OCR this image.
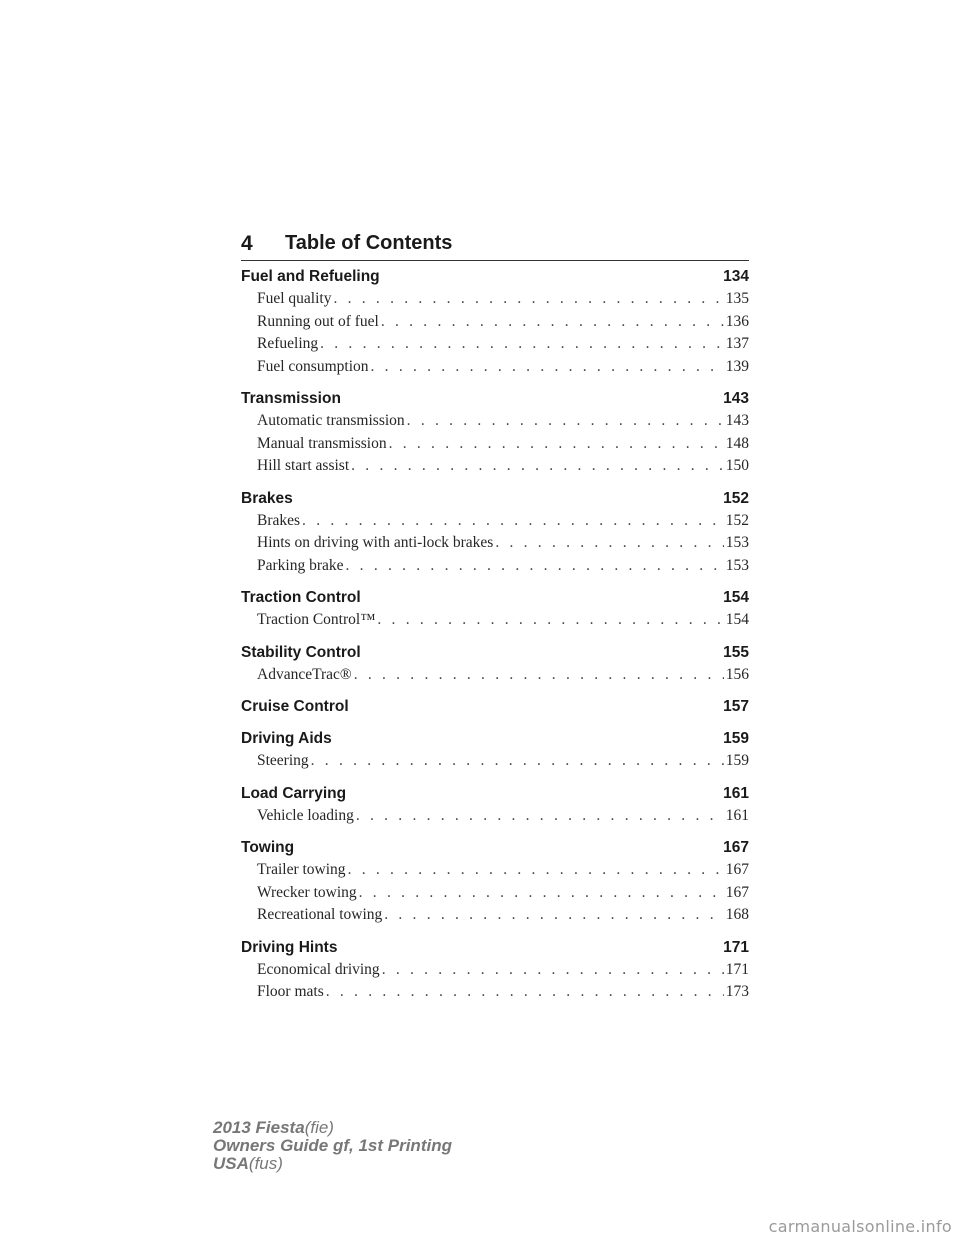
4 Table of Contents
Fuel and Refueling	134
Fuel quality . . .	135
Running out of fuel . . .	136
Refueling . . .	137
Fuel consumption . . .	139
Transmission	143
Automatic transmission . . .	143
Manual transmission . . .	148
Hill start assist . . .	150
Brakes	152
Brakes . . .	152
Hints on driving with anti-lock brakes . . .	153
Parking brake . . .	153
Traction Control	154
Traction Control™ . . .	154
Stability Control	155
AdvanceTrac® . . .	156
Cruise Control	157
Driving Aids	159
Steering . . .	159
Load Carrying	161
Vehicle loading . . .	161
Towing	167
Trailer towing . . .	167
Wrecker towing . . .	167
Recreational towing . . .	168
Driving Hints	171
Economical driving . . .	171
Floor mats . . .	173
2013 Fiesta(fie)
Owners Guide gf, 1st Printing
USA(fus)
carmanualsonline.info
